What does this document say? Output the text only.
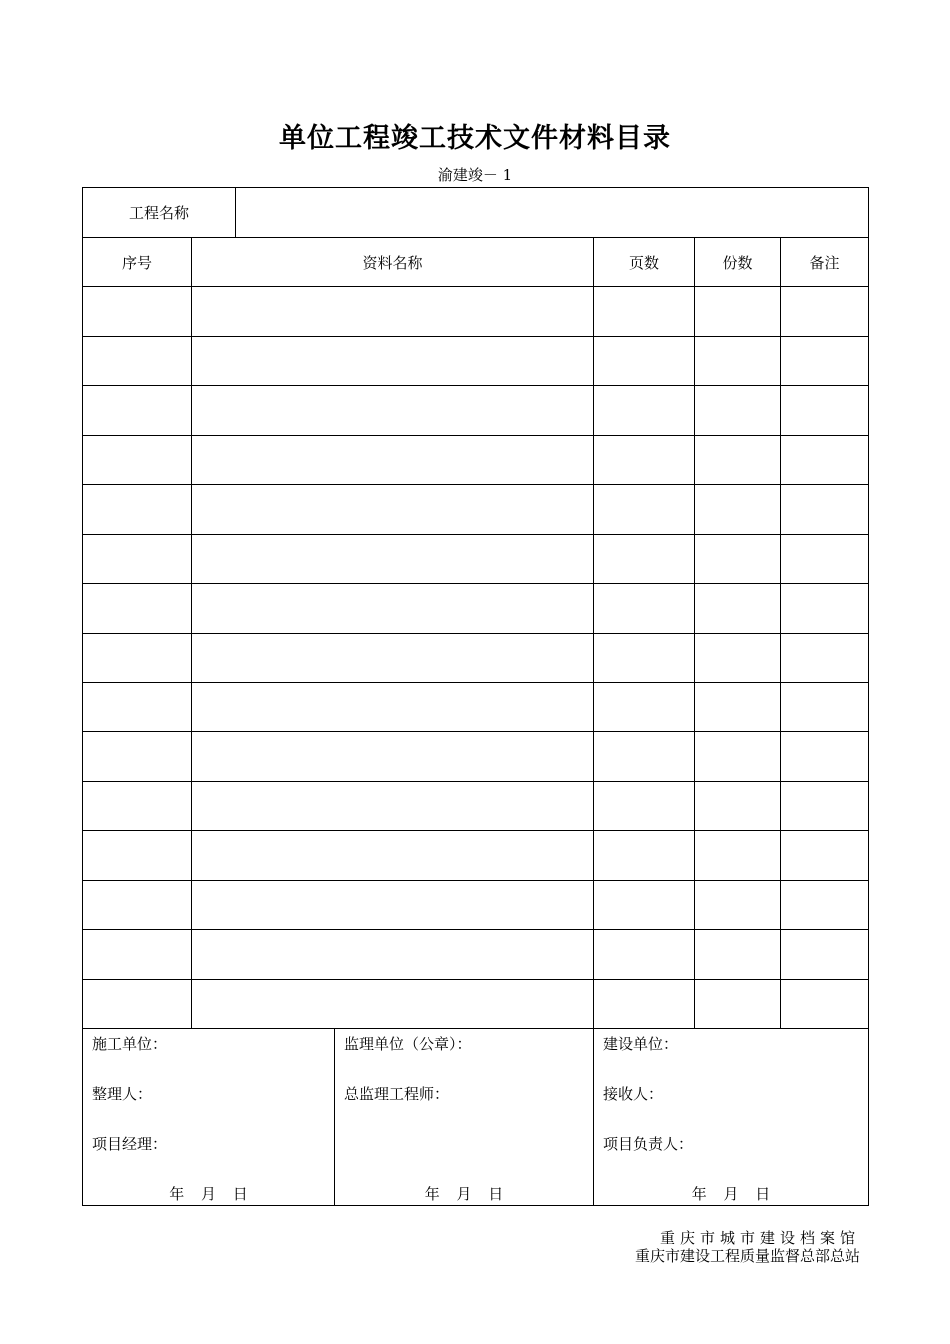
单位工程竣工技术文件材料目录
渝建竣－ 1
工程名称
序号	资料名称	页数	份数	备注
施工单位：
整理人：
项目经理：
年 月 日
监理单位（公章）：
总监理工程师：
年 月 日
建设单位：
接收人：
项目负责人：
年 月 日
重庆市城市建设档案馆
重庆市建设工程质量监督总部总站
